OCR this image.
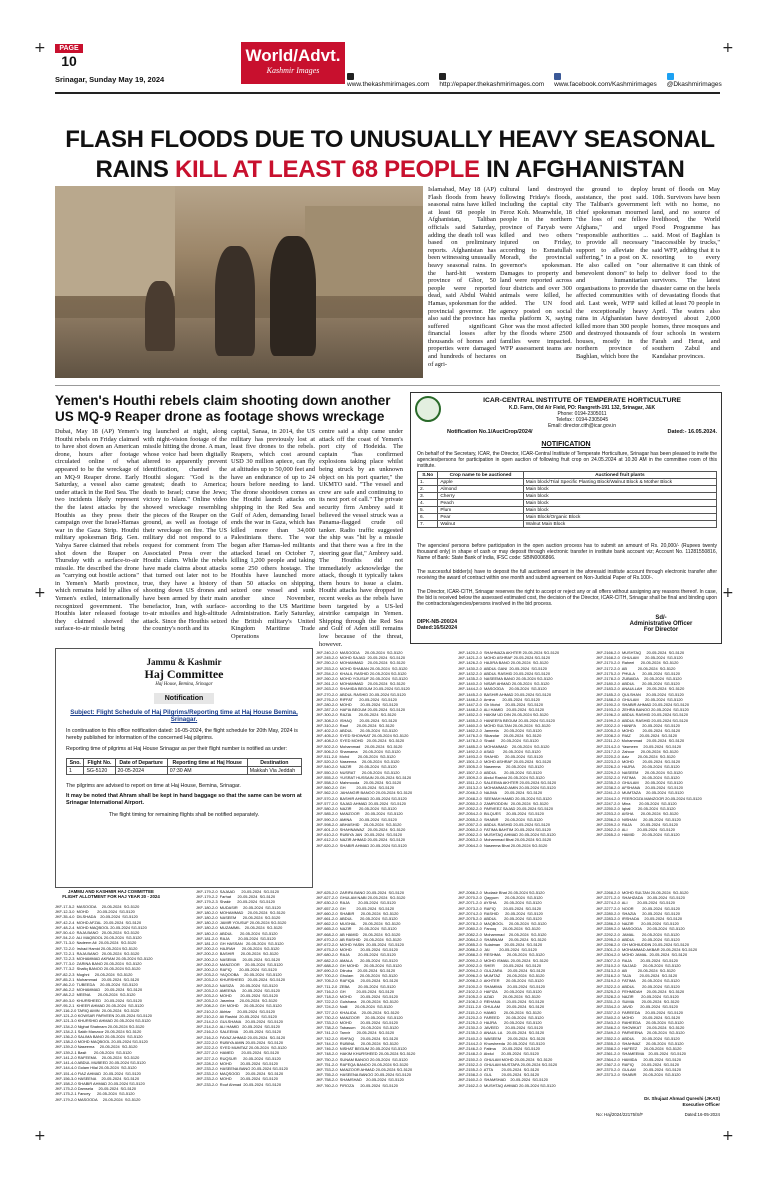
+	+
+	+
+	+
PAGE
10
Srinagar, Sunday May 19, 2024
World/Advt.
Kashmir Images
www.thekashmirimages.com http://epaper.thekashmirimages.com www.facebook.com/Kashmirimages @Dkashmirimages
FLASH FLOODS DUE TO UNUSUALLY HEAVY SEASONAL
RAINS KILL AT LEAST 68 PEOPLE IN AFGHANISTAN
Islamabad, May 18 (AP) Flash floods from heavy seasonal rains have killed at least 68 people in Afghanistan, Taliban officials said Saturday, adding the death toll was based on preliminary reports. Afghanistan has been witnessing unusually heavy seasonal rains. In the hard-hit western province of Ghor, 50 people were reported dead, said Abdul Wahid Hamas, spokesman for the provincial governor. He also said the province has suffered significant financial losses after thousands of homes and properties were damaged and hundreds of hectares of agri-
cultural land destroyed following Friday's floods, including the capital city Feroz Koh. Meanwhile, 18 people in the northern province of Faryab were killed and two others injured on Friday, according to Esmatullah Moradi, the provincial governor's spokesman. Damages to property and land were reported across four districts and over 300 animals were killed, he added. The UN food agency posted on social media platform X, saying Ghor was the most affected by the floods where 2500 families were impacted. WFP assessment teams are on
the ground to deploy assistance, the post said. The Taliban's government chief spokesman mourned "the loss of our fellow Afghans," and urged "responsible authorities ... to provide all necessary support to alleviate the suffering," in a post on X. He also called on "our benevolent donors" to help and humanitarian organisations to provide the affected communities with aid. Last week, WFP said the exceptionally heavy rains in Afghanistan have killed more than 300 people and destroyed thousands of houses, mostly in the northern province of Baghlan, which bore the
brunt of floods on May 10th. Survivors have been left with no home, no land, and no source of livelihood, the World Food Programme has said. Most of Baghlan is "inaccessible by trucks," said WFP, adding that it is resorting to every alternative it can think of to deliver food to the survivors. The latest disaster came on the heels of devastating floods that killed at least 70 people in April. The waters also destroyed about 2,000 homes, three mosques and four schools in western Farah and Herat, and southern Zabul and Kandahar provinces.
Yemen's Houthi rebels claim shooting down another US MQ-9 Reaper drone as footage shows wreckage
Dubai, May 18 (AP) Yemen's Houthi rebels on Friday claimed to have shot down an American drone, hours after footage circulated online of what appeared to be the wreckage of an MQ-9 Reaper drone. Early Saturday, a vessel also came under attack in the Red Sea. The two incidents likely represent the the latest attacks by the Houthis as they press their campaign over the Israel-Hamas war in the Gaza Strip. Houthi military spokesman Brig. Gen. Yahya Saree claimed that rebels shot down the Reaper on Thursday with a surface-to-air missile. He described the drone as "carrying out hostile actions" in Yemen's Marib province, which remains held by allies of Yemen's exiled, internationally recognized government. The Houthis later released footage they claimed showed the surface-to-air missile being
ing launched at night, along with night-vision footage of the missile hitting the drone. A man, whose voice had been digitally altered to apparently prevent identification, chanted the Houthi slogan: "God is the greatest; death to America; death to Israel; curse the Jews; victory to Islam." Online video showed wreckage resembling the pieces of the Reaper on the ground, as well as footage of their wreckage on fire. The US military did not respond to a request for comment from The Associated Press over the Houthi claim. While the rebels have made claims about attacks that turned out later not to be true, they have a history of shooting down US drones and have been armed by their main benefactor, Iran, with surface-to-air missiles and high-altitude attack. Since the Houthis seized the country's north and its
capital, Sanaa, in 2014, the US military has previously lost at least five drones to the rebels. Reapers, which cost around USD 30 million apiece, can fly at altitudes up to 50,000 feet and have an endurance of up to 24 hours before needing to land. The drone shootdown comes as the Houthi launch attacks on shipping in the Red Sea and Gulf of Aden, demanding Israel ends the war in Gaza, which has killed more than 34,000 Palestinians there. The war began after Hamas-led militants attacked Israel on October 7, killing 1,200 people and taking some 250 others hostage. The Houthis have launched more than 50 attacks on shipping, seized one vessel and sunk another since November, according to the US Maritime Administration. Early Saturday, the British military's United Kingdom Maritime Trade Operations
centre said a ship came under attack off the coast of Yemen's port city of Hodeida. The captain "has confirmed explosions taking place whilst being struck by an unknown object on his port quarter," the UKMTO said. "The vessel and crew are safe and continuing to its next port of call." The private security firm Ambrey said it believed the vessel struck was a Panama-flagged crude oil tanker. Radio traffic suggested the ship was "hit by a missile and that there was a fire in the steering gear flat," Ambrey said. The Houthis did not immediately acknowledge the attack, though it typically takes them hours to issue a claim. Houthi attacks have dropped in recent weeks as the rebels have been targeted by a US-led airstrike campaign in Yemen. Shipping through the Red Sea and Gulf of Aden still remains low because of the threat, however.
ICAR-CENTRAL INSTITUTE OF TEMPERATE HORTICULTURE
K.D. Farm, Old Air Field, PO: Rangreth-191 132, Srinagar, J&K
Phone: 0194-2305011
Telefax : 0194-2305045
Email: director.cith@icar.gov.in
Notification No.1/AuctCrop/2024/	Dated:- 16.05.2024.
NOTIFICATION
On behalf of the Secretary, ICAR, the Director, ICAR-Central Institute of Temperate Horticulture, Srinagar has been pleased to invite the agencies/persons for participation in open auction of following fruit crop on 24.05.2024 at 10.30 AM in the committee room of this institute.
S.No	Crop name to be auctioned	Auctioned fruit plants
1.	Apple	Main block/Trial Specific Planting Block/Walnut Block & Mother Block
2.	Almond	Main block
3.	Cherry	Main block
4.	Peach	Main block
5.	Plum	Main block
6.	Pear	Main Block/Organic Block
7.	Walnut	Walnut Main Block
The agencies/ persons before participation in the open auction process has to submit an amount of Rs. 20,000/- (Rupees twenty thousand only) in shape of cash or may deposit through electronic transfer in institute bank account viz; Account No. 11281550816, Name of Bank: State Bank of India, IFSC code: SBIN0006866.
The successful bidder(s) have to deposit the full auctioned amount in the aforesaid institute account through electronic transfer after receiving the award of contract within one month and submit agreement on Non-Judicial Paper of Rs.100/-.
The Director, ICAR-CITH, Srinagar reserves the right to accept or reject any or all offers without assigning any reasons thereof. In case, the bid is received below the assessed estimated cost, the decision of the Director, ICAR-CITH, Srinagar shall be final and binding upon the contractors/agencies/persons involved in the bid process.
DIPK-NB-200/24
Dated:16/5/2024
Sd/-
Administrative Officer
For Director
Jammu & Kashmir
Haj Committee
Haj House, Bemina, Srinagar
Notification
Subject: Flight Schedule of Haj Pilgrims/Reporting time at Haj House Bemina, Srinagar.
In continuation to this office notification dated: 16-05-2024, the flight schedule for 20th May, 2024 is hereby published for information of the concerned Haj pilgrims.
Reporting time of pilgrims at Haj House Srinagar as per their flight number is notified as under:
Sno.	Flight No.	Date of Departure	Reporting time at Haj House	Destination
1	SG-5120	20-05-2024	07:30 AM	Makkah Via Jeddah
The pilgrims are advised to report on time at Haj House, Bemina, Srinagar.
It may be noted that Ahram shall be kept in hand baggage so that the same can be worn at Srinagar International Airport.
The flight timing for remaining flights shall be notified separately.
JAMMU AND KASHMIR HAJ COMMITTEE
FLIGHT ALLOTMENT FOR HAJ YEAR 20 - 2024
JKF-17-5-2  MASOODA     20-05-2024  SG-5120
JKF-12-3-0  MOHD        20-05-2024  SG-5120
JKF-35-4-0  DILSHADA    20-05-2024  SG-5120
JKF-42-2-4  MOHD AFZAL  20-05-2024  SG-5120
JKF-48-2-4  MOHD MAQBOOL 20-05-2024 SG-5120
JKF-50-4-0  RAJA BANO   20-05-2024  SG-5120
JKF-54-2-0  ALI MAQBOOL 20-05-2024  SG-5120
JKF-71-3-0  Nadeem Ali  20-05-2024  SG-5120
JKF-72-2-0  Irshad Hamid 20-05-2024 SG-5120
JKF-72-2-1  RAJA BANO   20-05-2024  SG-5120
JKF-72-2-3  MOHAMMAD AKRAM 20-05-2024 SG-5120
JKF-77-3-0  ZARINA BANO 20-05-2024  SG-5120
JKF-77-3-2  Shafiq BANOO 20-05-2024 SG-5120
JKF-82-2-3  Mughni     20-05-2024  SG-5120
JKF-85-2-1  Muhammad    20-05-2024  SG-5120
JKF-86-2-0  TUBEEDA     20-05-2024  SG-5120
JKF-86-2-2  MOHAMMAD    20-05-2024  SG-5120
JKF-88-2-2  MEENA       20-05-2024  SG-5120
JKF-89-3-0  KHURSHEED   20-05-2024  SG-5120
JKF-95-2-1  KHEER AHMAD 20-05-2024  SG-5120
JKF-116-2-0 TARIQ AMIN  20-05-2024  SG-5120
JKF-121-2-0 KOWSAR PARVEEN 20-05-2024 SG-5120
JKF-121-3-0 KHURSHID AHMAD 20-05-2024 SG-5120
JKF-134-2-0 Nighat Shabnam 20-05-2024 SG-5120
JKF-134-2-1 Sakib Manzoor 20-05-2024 SG-5120
JKF-136-2-0 SALIMA BANO 20-05-2024  SG-5120
JKF-138-2-0 MOHD MAQBOOL 20-05-2024 SG-5120
JKF-139-2-0 Naseema     20-05-2024  SG-5120
JKF-139-2-1 Basit       20-05-2024  SG-5120
JKF-141-2-0 RAFEEMA     20-05-2024  SG-5120
JKF-141-4-0 ABDUL MUBEED 20-05-2024 SG-5120
JKF-144-4-0 Golam Hilal 20-05-2024  SG-5120
JKF-151-4-0 FIAZ AHMAD  20-05-2024  SG-5120
JKF-156-3-0 HASEENA     20-05-2024  SG-5120
JKF-158-2-0 SHABIR AHMAD 20-05-2024 SG-5120
JKF-175-2-0 Damsela     20-05-2024  SG-5120
JKF-175-2-1 Fancey      20-05-2024  SG-5120
JKF-179-2-0 MASOODA     20-05-2024  SG-5120
JKF-179-2-0  SAJAAD      20-05-2024  SG-5120
JKF-179-2-2  Farhat      20-05-2024  SG-5120
JKF-179-2-3  Shakir      20-05-2024  SG-5120
JKF-180-2-0  MUDASIR     20-05-2024  SG-5120
JKF-180-2-0  MOHAMMAD    20-05-2024  SG-5120
JKF-180-2-0  NASEEM      20-05-2024  SG-5120
JKF-180-2-0  JAMIR YOUSUF 20-05-2024 SG-5120
JKF-180-2-0  MUZAMMIL    20-05-2024  SG-5120
JKF-180-2-0  ABDUL       20-05-2024  SG-5120
JKF-181-2-0  RAJA        20-05-2024  SG-5120
JKF-181-2-0  GH HASSAN   20-05-2024  SG-5120
JKF-200-2-0  HAJRAH      20-05-2024  SG-5120
JKF-200-2-0  BASHIR      20-05-2024  SG-5120
JKF-200-2-0  NASEMA      20-05-2024  SG-5120
JKF-200-2-0  MANZOOR     20-05-2024  SG-5120
JKF-200-2-0  RAFIQ       20-05-2024  SG-5120
JKF-203-2-0  YAQOOBA     20-05-2024  SG-5120
JKF-203-2-0  KHURSHEED   20-05-2024  SG-5120
JKF-203-2-0  NASIZA      20-05-2024  SG-5120
JKF-203-2-0  AMEENA      20-05-2024  SG-5120
JKF-203-2-0  MOHD        20-05-2024  SG-5120
JKF-203-2-0  Jasmina     20-05-2024  SG-5120
JKF-208-2-0  GH MOHD     20-05-2024  SG-5120
JKF-210-2-0  Akhtar      20-05-2024  SG-5120
JKF-210-2-0  Ali Rashid  20-05-2024  SG-5120
JKF-214-2-0  GULSHANA    20-05-2024  SG-5120
JKF-214-2-0  ALI HAMID   20-05-2024  SG-5120
JKF-216-2-0  SALEEMA     20-05-2024  SG-5120
JKF-216-2-0  FAYAZ AHMAD 20-05-2024  SG-5120
JKF-222-2-0  RUBIYA AMIN 20-05-2024  SG-5120
JKF-222-2-0  SYED MUMTAZ 20-05-2024  SG-5120
JKF-227-2-0  HAMED       20-05-2024  SG-5120
JKF-227-2-0  RUQSUR      20-05-2024  SG-5120
JKF-228-2-0  MOHD        20-05-2024  SG-5120
JKF-233-2-0  HASEENA BANO 20-05-2024 SG-5120
JKF-233-2-0  MAQSOOD     20-05-2024  SG-5120
JKF-233-2-0  MOHD        20-05-2024  SG-5120
JKF-233-2-0  Rouf Ahmad  20-05-2024  SG-5120
JKF-240-2-0  MASOODA     20-05-2024  SG-5120
JKF-245-2-0  MOHD SAJAD  20-05-2024  SG-5120
JKF-250-2-0  MOHAMMAD    20-05-2024  SG-5120
JKF-253-2-0  MOHD SHABAN 20-05-2024  SG-5120
JKF-254-2-0  KHALIL RASHID 20-05-2024 SG-5120
JKF-260-2-0  MOHD YOUSUF 20-05-2024  SG-5120
JKF-261-2-0  MOHAMMAD    20-05-2024  SG-5120
JKF-263-2-0  SHAHIDA BEGUM 20-05-2024 SG-5120
JKF-270-2-0  ABDUL RASHID 20-05-2024 SG-5120
JKF-276-2-0  RIFFAT      20-05-2024  SG-5120
JKF-280-2-0  MOHD        20-05-2024  SG-5120
JKF-287-2-0  HAFIA BEGUM 20-05-2024  SG-5120
JKF-300-2-0  RAZIA       20-05-2024  SG-5120
JKF-308-2-0  ISHAQ       20-05-2024  SG-5120
JKF-310-2-0  Rauf        20-05-2024  SG-5120
JKF-402-2-0  ABDUL       20-05-2024  SG-5120
JKF-405-2-0  SYED SHOWKAT 20-05-2024 SG-5120
JKF-408-2-0  SYED MOHD   20-05-2024  SG-5120
JKF-502-2-0  Mohammad    20-05-2024  SG-5120
JKF-506-2-0  Shamama     20-05-2024  SG-5120
JKF-511-2-0  Mohd        20-05-2024  SG-5120
JKF-520-2-0  Naseema     20-05-2024  SG-5120
JKF-540-2-0  NAZIR       20-05-2024  SG-5120
JKF-550-2-0  NUSRAT      20-05-2024  SG-5120
JKF-555-2-0  YUSRAT HUSSAIN 20-05-2024 SG-5120
JKF-558-2-0  Mahmooda    20-05-2024  SG-5120
JKF-560-2-0  GH          20-05-2024  SG-5120
JKF-562-2-0  JAHANGIR BANOO 20-05-2024 SG-5120
JKF-570-2-0  BASHIR AHMAD 20-05-2024 SG-5120
JKF-577-2-0  SAJAD AHMAD 20-05-2024  SG-5120
JKF-580-2-0  NAZIR       20-05-2024  SG-5120
JKF-585-2-0  MANZOOR     20-05-2024  SG-5120
JKF-590-2-0  AMINA       20-05-2024  SG-5120
JKF-598-2-0  ABHASHID    20-05-2024  SG-5120
JKF-601-2-0  SHAHNAWAZ   20-05-2024  SG-5120
JKF-610-2-0  RUBIYA JAN  20-05-2024  SG-5120
JKF-612-2-0  NAZIR AHMAD 20-05-2024  SG-5120
JKF-620-2-0  SHABIR AHMAD 20-05-2024 SG-5120
JKF-625-2-0  ZARIFA BANO 20-05-2024  SG-5120
JKF-627-2-0  GHULAM NABI 20-05-2024  SG-5120
JKF-630-2-0  RAJA        20-05-2024  SG-5120
JKF-657-2-0  GH          20-05-2024  SG-5120
JKF-660-2-0  SHABIR      20-05-2024  SG-5120
JKF-661-2-0  ABDUL       20-05-2024  SG-5120
JKF-662-2-0  MUGHAL      20-05-2024  SG-5120
JKF-665-2-0  NAZIR       20-05-2024  SG-5120
JKF-668-2-0  AB HAMID    20-05-2024  SG-5120
JKF-670-2-0  AB RASHID   20-05-2024  SG-5120
JKF-672-2-0  MOHD YASIN  20-05-2024  SG-5120
JKF-675-2-0  MOHD        20-05-2024  SG-5120
JKF-680-2-0  RAJA        20-05-2024  SG-5120
JKF-682-2-0  AMALA       20-05-2024  SG-5120
JKF-688-2-0  GH MOHD     20-05-2024  SG-5120
JKF-690-2-0  Dilruba     20-05-2024  SG-5120
JKF-700-2-0  Ghulam      20-05-2024  SG-5120
JKF-705-2-0  RAFIQA      20-05-2024  SG-5120
JKF-711-2-0  ZEBA        20-05-2024  SG-5120
JKF-716-2-0  GH          20-05-2024  SG-5120
JKF-718-2-0  MOHD        20-05-2024  SG-5120
JKF-722-2-0  Gulshana    20-05-2024  SG-5120
JKF-724-2-0  Naili       20-05-2024  SG-5120
JKF-727-2-0  KHALIDA     20-05-2024  SG-5120
JKF-730-2-0  MANZOOR     20-05-2024  SG-5120
JKF-733-2-0  MOHD        20-05-2024  SG-5120
JKF-738-2-0  Tabasum     20-05-2024  SG-5120
JKF-741-2-0  Tanvir      20-05-2024  SG-5120
JKF-742-2-0  ISHFAQ      20-05-2024  SG-5120
JKF-744-2-0  RUBINA      20-05-2024  SG-5120
JKF-746-2-0  NISHAT BEGUM 20-05-2024 SG-5120
JKF-748-2-0  HAKIM KHURSHEED 20-05-2024 SG-5120
JKF-750-2-0  SUNAM BANOO 20-05-2024  SG-5120
JKF-751-2-0  RAFEQA BANOO 20-05-2024 SG-5120
JKF-753-2-0  MANZOOR AHMAD 20-05-2024 SG-5120
JKF-755-2-0  HASEENA BANOO 20-05-2024 SG-5120
JKF-758-2-0  SHAMSHAD    20-05-2024  SG-5120
JKF-760-2-0  FIROZA      20-05-2024  SG-5120
JKF-1420-2-0  SHAHNAZA AKHTER 20-05-2024 SG-5120
JKF-1421-2-0  MOHD ASHRAF 20-05-2024 SG-5120
JKF-1426-2-0  HAJIRA BANO 20-05-2024  SG-5120
JKF-1430-2-0  ABDUL GANI  20-05-2024  SG-5120
JKF-1432-2-0  ABDUL RASHID 20-05-2024 SG-5120
JKF-1435-2-0  NASEEMA BANO 20-05-2024 SG-5120
JKF-1440-2-0  NISAR AHMAD 20-05-2024  SG-5120
JKF-1444-2-0  MASOODA     20-05-2024  SG-5120
JKF-1445-2-0  BASHIR AHMAD 20-05-2024 SG-5120
JKF-1446-2-0  Amina       20-05-2024  SG-5120
JKF-1447-2-0  Gh Mohd     20-05-2024  SG-5120
JKF-1448-2-0  ALI HAMID   20-05-2024  SG-5120
JKF-1452-2-0  HAKIM UD DIN 20-05-2024 SG-5120
JKF-1455-2-0  HANEEFA BEGUM 20-05-2024 SG-5120
JKF-1460-2-0  MOHD SULTAN 20-05-2024  SG-5120
JKF-1462-2-0  Jameela     20-05-2024  SG-5120
JKF-1476-2-0  Sikandar    20-05-2024  SG-5120
JKF-1478-2-0  Shakil      20-05-2024  SG-5120
JKF-1485-2-0  MOHAMMAD    20-05-2024  SG-5120
JKF-1492-2-0  ASAD        20-05-2024  SG-5120
JKF-1493-2-0  SHAHID      20-05-2024  SG-5120
JKF-1501-2-0  MOHD ASHRAF 20-05-2024  SG-5120
JKF-1505-2-0  Naseema     20-05-2024  SG-5120
JKF-1507-2-0  ABDUL       20-05-2024  SG-5120
JKF-1509-2-0  Abdul Rashid 20-05-2024 SG-5120
JKF-1511-2-0  SALEEMA AKHTER 20-05-2024 SG-5120
JKF-1513-2-0  MOHAMMAD AMIN 20-05-2024 SG-5120
JKF-2046-2-0  NAJMA       20-05-2024  SG-5120
JKF-2048-2-0  SEEMAH HAMID 20-05-2024 SG-5120
JKF-2050-2-0  ZAMRODDIN   20-05-2024  SG-5120
JKF-2052-2-0  PARVEEZ SAJAD 20-05-2024 SG-5120
JKF-2054-2-0  BILQUES     20-05-2024  SG-5120
JKF-2055-2-0  SHABIR      20-05-2024  SG-5120
JKF-2057-2-0  ABDUL RASHID 20-05-2024 SG-5120
JKF-2060-2-0  FATIMA BAHTIM 20-05-2024 SG-5120
JKF-2062-2-0  MUSHTAQ AHMAD 20-05-2024 SG-5120
JKF-2063-2-0  Mohammad Bhat 20-05-2024 SG-5120
JKF-2064-2-0  Naseema Bhat 20-05-2024 SG-5120
JKF-2066-2-0  Mudasir Bhat 20-05-2024 SG-5120
JKF-2070-2-0  Qayyum      20-05-2024  SG-5120
JKF-2071-2-0  AYSHA       20-05-2024  SG-5120
JKF-2073-2-0  RAFIQ       20-05-2024  SG-5120
JKF-2074-2-0  RASHID      20-05-2024  SG-5120
JKF-2075-2-0  ABDUL       20-05-2024  SG-5120
JKF-2078-2-0  MAQBOOL     20-05-2024  SG-5120
JKF-2080-2-0  Farooq      20-05-2024  SG-5120
JKF-2082-2-0  Mohammad    20-05-2024  SG-5120
JKF-2084-2-0  SHABNAM     20-05-2024  SG-5120
JKF-2085-2-0  Sulaiman    20-05-2024  SG-5120
JKF-2086-2-0  JAI         20-05-2024  SG-5120
JKF-2088-2-0  RESHMA      20-05-2024  SG-5120
JKF-2090-2-0  MOHD ISMAIL 20-05-2024  SG-5120
JKF-2092-2-0  SHER        20-05-2024  SG-5120
JKF-2094-2-0  GULZARA     20-05-2024  SG-5120
JKF-2096-2-0  MUMTAZ      20-05-2024  SG-5120
JKF-2098-2-0  AKHTER      20-05-2024  SG-5120
JKF-2100-2-0  SHAMIMA     20-05-2024  SG-5120
JKF-2102-2-0  HAFIZA      20-05-2024  SG-5120
JKF-2105-2-0  AZAD        20-05-2024  SG-5120
JKF-2108-2-0  REHANA      20-05-2024  SG-5120
JKF-2111-2-0  GHULAM      20-05-2024  SG-5120
JKF-2115-2-0  HAMID       20-05-2024  SG-5120
JKF-2120-2-0  FAREED      20-05-2024  SG-5120
JKF-2125-2-0  HAJRA       20-05-2024  SG-5120
JKF-2130-2-0  JAVEED      20-05-2024  SG-5120
JKF-2135-2-0  ANAUL LA    20-05-2024  SG-5120
JKF-2140-2-0  WASEEM      20-05-2024  SG-5120
JKF-2144-2-0  Khursheeda  20-05-2024  SG-5120
JKF-2146-2-0  Fatima      20-05-2024  SG-5120
JKF-2148-2-0  Abdul       20-05-2024  SG-5120
JKF-2150-2-0  GHULAM MOHD 20-05-2024  SG-5120
JKF-2152-2-0  GHULAM MUSTAFA 20-05-2024 SG-5120
JKF-2155-2-0  ATTA        20-05-2024  SG-5120
JKF-2158-2-0  GUL         20-05-2024  SG-5120
JKF-2160-2-0  SHAMSHAD    20-05-2024  SG-5120
JKF-2162-2-0  MUSHTAQ AHMAD 20-05-2024 SG-5120
JKF-2166-2-0  MUSHTAQ     20-05-2024  SG-5120
JKF-2168-2-0  GHULAM      20-05-2024  SG-5120
JKF-2170-2-0  Raheel      20-05-2024  SG-5120
JKF-2172-2-0  AB          20-05-2024  SG-5120
JKF-2175-2-0  PHULA       20-05-2024  SG-5120
JKF-2178-2-0  ZUBAIDA     20-05-2024  SG-5120
JKF-2180-2-0  ABDUL       20-05-2024  SG-5120
JKF-2183-2-0  ANAULLAH    20-05-2024  SG-5120
JKF-2185-2-0  QULSHAN     20-05-2024  SG-5120
JKF-2188-2-0  GHULAM      20-05-2024  SG-5120
JKF-2190-2-0  SHABIR AHMAD 20-05-2024 SG-5120
JKF-2193-2-0  ZEHRA BANOO 20-05-2024  SG-5120
JKF-2196-2-0  ABDUL RASHID 20-05-2024 SG-5120
JKF-2199-2-0  ABDUL RASHID 20-05-2024 SG-5120
JKF-2202-2-0  HANIFA      20-05-2024  SG-5120
JKF-2205-2-0  MOHD        20-05-2024  SG-5120
JKF-2208-2-0  RIAZ        20-05-2024  SG-5120
JKF-2211-2-0  Mohammad    20-05-2024  SG-5120
JKF-2214-2-0  Yasmeen     20-05-2024  SG-5120
JKF-2217-2-0  Zahoor      20-05-2024  SG-5120
JKF-2220-2-0  Aziz        20-05-2024  SG-5120
JKF-2223-2-0  MOHD        20-05-2024  SG-5120
JKF-2226-2-0  HAJRA       20-05-2024  SG-5120
JKF-2229-2-0  NASEEM      20-05-2024  SG-5120
JKF-2232-2-0  FATIMA      20-05-2024  SG-5120
JKF-2235-2-0  GHULAM      20-05-2024  SG-5120
JKF-2238-2-0  AFSHANA     20-05-2024  SG-5120
JKF-2241-2-0  MUMTAZA     20-05-2024  SG-5120
JKF-2244-2-0  FEEROOZA MANZOOR 20-05-2024 SG-5120
JKF-2247-2-0  Mina        20-05-2024  SG-5120
JKF-2250-2-0  Iqbal       20-05-2024  SG-5120
JKF-2253-2-0  AISHA       20-05-2024  SG-5120
JKF-2256-2-0  NISHAN      20-05-2024  SG-5120
JKF-2259-2-0  RAJA        20-05-2024  SG-5120
JKF-2262-2-0  ALI         20-05-2024  SG-5120
JKF-2265-2-0  HAMID       20-05-2024  SG-5120
JKF-2268-2-0  MOHD SULTAN 20-05-2024  SG-5120
JKF-2271-2-0  SHAHZADA    20-05-2024  SG-5120
JKF-2274-2-0  ALI         20-05-2024  SG-5120
JKF-2277-2-0  NOOR        20-05-2024  SG-5120
JKF-2280-2-0  SHAZIA      20-05-2024  SG-5120
JKF-2283-2-0  IRSHADA     20-05-2024  SG-5120
JKF-2286-2-0  NAZIR       20-05-2024  SG-5120
JKF-2289-2-0  MASOODA     20-05-2024  SG-5120
JKF-2292-2-0  JAMAL       20-05-2024  SG-5120
JKF-2295-2-0  ABDUL       20-05-2024  SG-5120
JKF-2298-2-0  GH MOHIUDDIN 20-05-2024 SG-5120
JKF-2301-2-0  MOHAMMAD AKBAR 20-05-2024 SG-5120
JKF-2304-2-0  MOHD JAMAL  20-05-2024  SG-5120
JKF-2307-2-0  RAJA        20-05-2024  SG-5120
JKF-2310-2-0  SAJJAD      20-05-2024  SG-5120
JKF-2313-2-0  AB          20-05-2024  SG-5120
JKF-2316-2-0  TAJA        20-05-2024  SG-5120
JKF-2319-2-0  FATIMA      20-05-2024  SG-5120
JKF-2322-2-0  ABDUL       20-05-2024  SG-5120
JKF-2325-2-0  FEHMIDAH    20-05-2024  SG-5120
JKF-2328-2-0  NAZIR       20-05-2024  SG-5120
JKF-2331-2-0  SUMIA       20-05-2024  SG-5120
JKF-2334-2-0  JAVID       20-05-2024  SG-5120
JKF-2337-2-0  FAREEDA     20-05-2024  SG-5120
JKF-2340-2-0  MOHD        20-05-2024  SG-5120
JKF-2343-2-0  RAHEEDA     20-05-2024  SG-5120
JKF-2346-2-0  SHOWKAT     20-05-2024  SG-5120
JKF-2349-2-0  PARVEENA    20-05-2024  SG-5120
JKF-2352-2-0  ABDUL       20-05-2024  SG-5120
JKF-2355-2-0  SHAHNAZ     20-05-2024  SG-5120
JKF-2358-2-0  HAFEEZ      20-05-2024  SG-5120
JKF-2361-2-0  SHAMEEMA    20-05-2024  SG-5120
JKF-2364-2-0  HAMIDA      20-05-2024  SG-5120
JKF-2367-2-0  RAFIQ       20-05-2024  SG-5120
JKF-2370-2-0  GULAM       20-05-2024  SG-5120
JKF-2373-2-0  SHABIR      20-05-2024  SG-5120
Dr. Shujaat Ahmad Qureshi (JKAS)
Executive Officer
No: Haj/2024/22175/S/F	Dated:16-05-2024
